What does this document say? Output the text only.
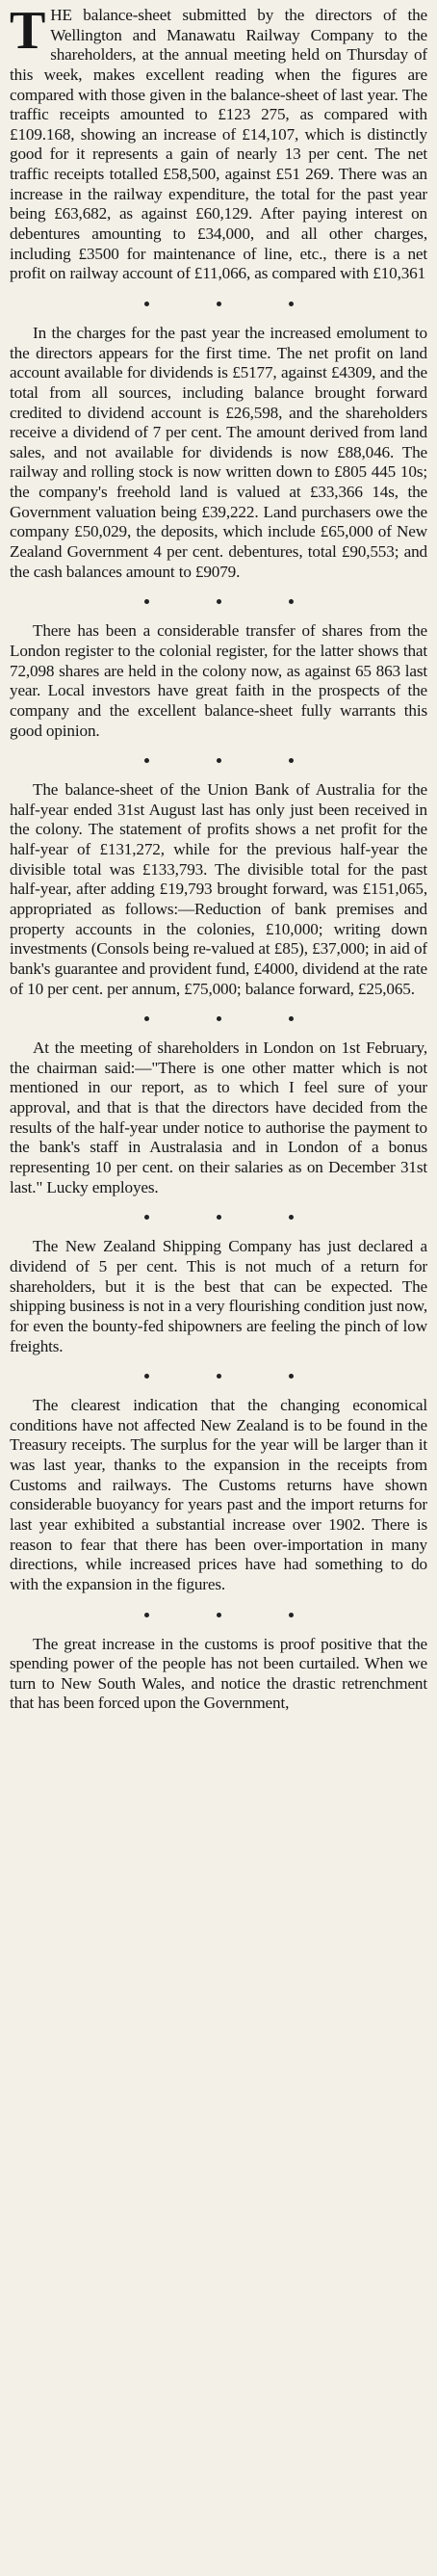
THE balance-sheet submitted by the directors of the Wellington and Manawatu Railway Company to the shareholders, at the annual meeting held on Thursday of this week, makes excellent reading when the figures are compared with those given in the balance-sheet of last year. The traffic receipts amounted to £123 275, as compared with £109.168, showing an increase of £14,107, which is distinctly good for it represents a gain of nearly 13 per cent. The net traffic receipts totalled £58,500, against £51 269. There was an increase in the railway expenditure, the total for the past year being £63,682, as against £60,129. After paying interest on debentures amounting to £34,000, and all other charges, including £3500 for maintenance of line, etc., there is a net profit on railway account of £11,066, as compared with £10,361

In the charges for the past year the increased emolument to the directors appears for the first time. The net profit on land account available for dividends is £5177, against £4309, and the total from all sources, including balance brought forward credited to dividend account is £26,598, and the shareholders receive a dividend of 7 per cent. The amount derived from land sales, and not available for dividends is now £88,046. The railway and rolling stock is now written down to £805 445 10s; the company's freehold land is valued at £33,366 14s, the Government valuation being £39,222. Land purchasers owe the company £50,029, the deposits, which include £65,000 of New Zealand Government 4 per cent. debentures, total £90,553; and the cash balances amount to £9079.

There has been a considerable transfer of shares from the London register to the colonial register, for the latter shows that 72,098 shares are held in the colony now, as against 65 863 last year. Local investors have great faith in the prospects of the company and the excellent balance-sheet fully warrants this good opinion.

The balance-sheet of the Union Bank of Australia for the half-year ended 31st August last has only just been received in the colony. The statement of profits shows a net profit for the half-year of £131,272, while for the previous half-year the divisible total was £133,793. The divisible total for the past half-year, after adding £19,793 brought forward, was £151,065, appropriated as follows:—Reduction of bank premises and property accounts in the colonies, £10,000; writing down investments (Consols being re-valued at £85), £37,000; in aid of bank's guarantee and provident fund, £4000, dividend at the rate of 10 per cent. per annum, £75,000; balance forward, £25,065.

At the meeting of shareholders in London on 1st February, the chairman said:—"There is one other matter which is not mentioned in our report, as to which I feel sure of your approval, and that is that the directors have decided from the results of the half-year under notice to authorise the payment to the bank's staff in Australasia and in London of a bonus representing 10 per cent. on their salaries as on December 31st last." Lucky employes.

The New Zealand Shipping Company has just declared a dividend of 5 per cent. This is not much of a return for shareholders, but it is the best that can be expected. The shipping business is not in a very flourishing condition just now, for even the bounty-fed shipowners are feeling the pinch of low freights.

The clearest indication that the changing economical conditions have not affected New Zealand is to be found in the Treasury receipts. The surplus for the year will be larger than it was last year, thanks to the expansion in the receipts from Customs and railways. The Customs returns have shown considerable buoyancy for years past and the import returns for last year exhibited a substantial increase over 1902. There is reason to fear that there has been over-importation in many directions, while increased prices have had something to do with the expansion in the figures.

The great increase in the customs is proof positive that the spending power of the people has not been curtailed. When we turn to New South Wales, and notice the drastic retrenchment that has been forced upon the Government,
